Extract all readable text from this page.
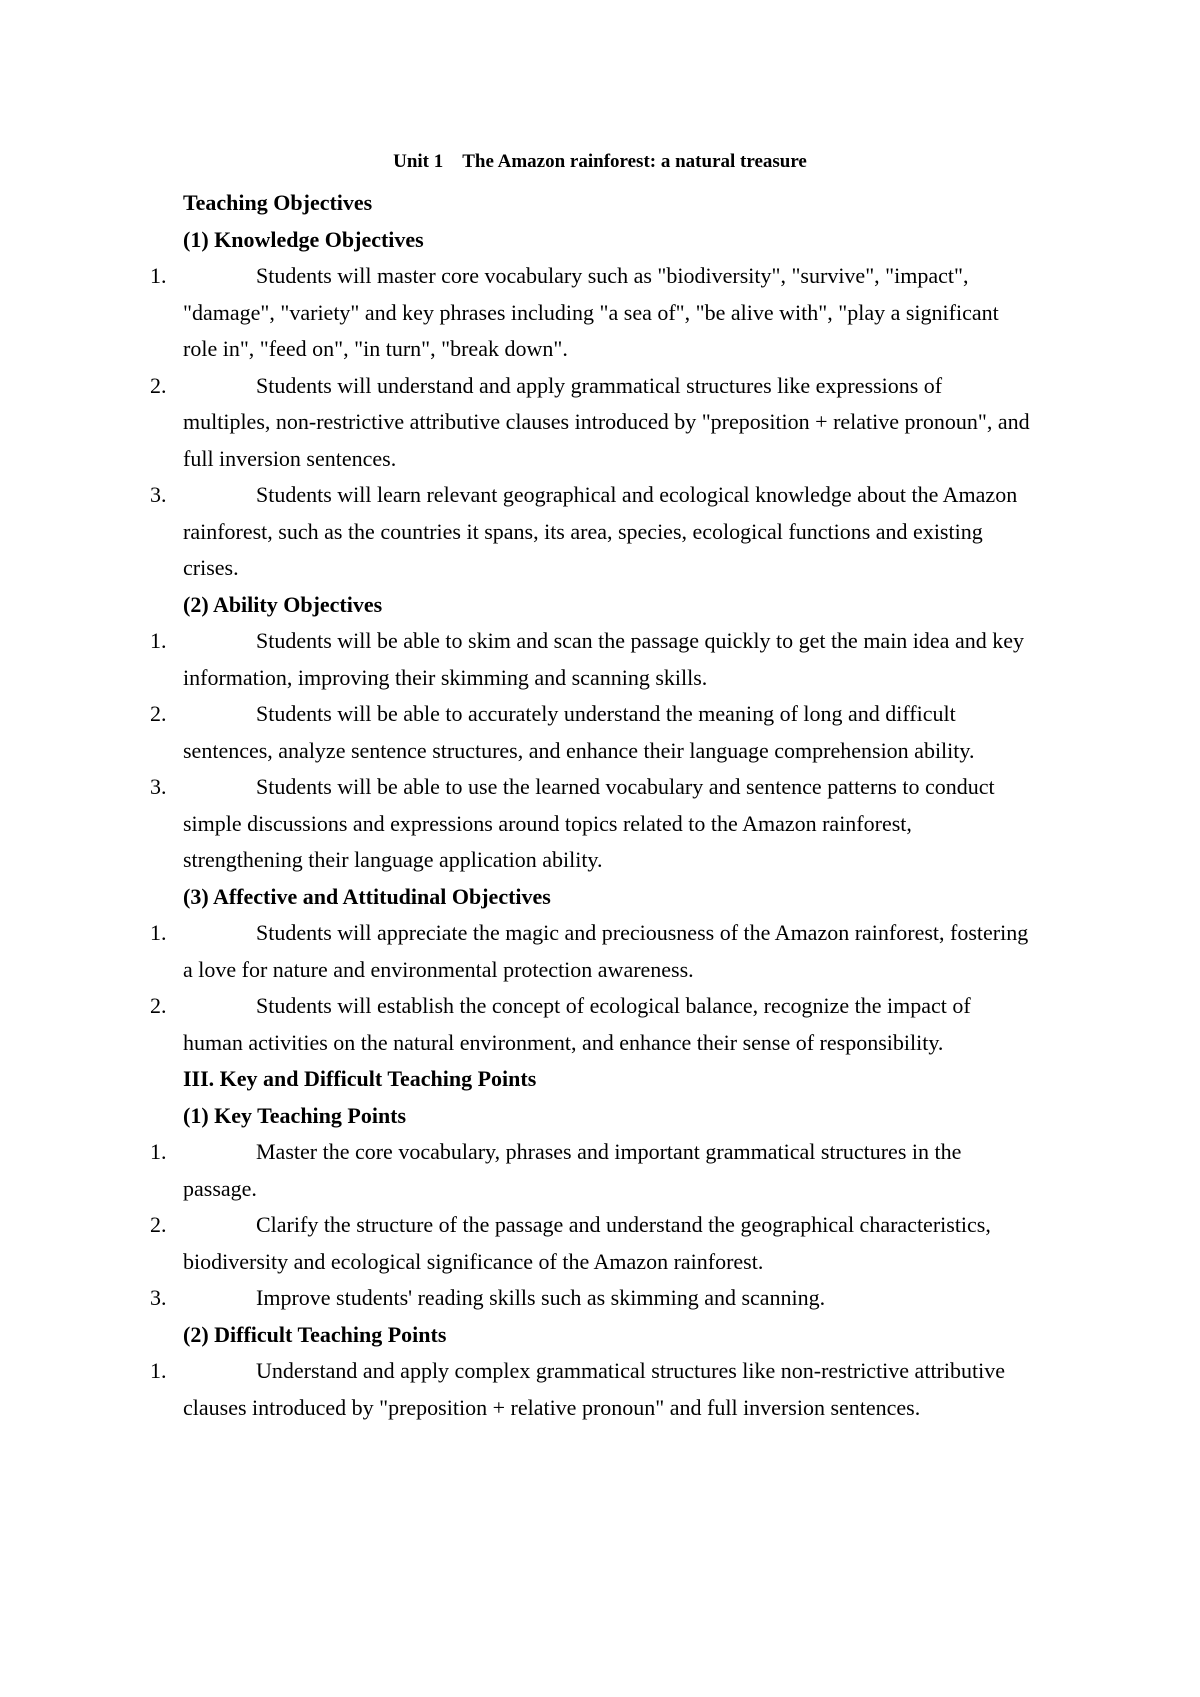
Unit 1 The Amazon rainforest: a natural treasure
Teaching Objectives
(1) Knowledge Objectives
1.	Students will master core vocabulary such as "biodiversity", "survive", "impact", "damage", "variety" and key phrases including "a sea of", "be alive with", "play a significant role in", "feed on", "in turn", "break down".
2.	Students will understand and apply grammatical structures like expressions of multiples, non-restrictive attributive clauses introduced by "preposition + relative pronoun", and full inversion sentences.
3.	Students will learn relevant geographical and ecological knowledge about the Amazon rainforest, such as the countries it spans, its area, species, ecological functions and existing crises.
(2) Ability Objectives
1.	Students will be able to skim and scan the passage quickly to get the main idea and key information, improving their skimming and scanning skills.
2.	Students will be able to accurately understand the meaning of long and difficult sentences, analyze sentence structures, and enhance their language comprehension ability.
3.	Students will be able to use the learned vocabulary and sentence patterns to conduct simple discussions and expressions around topics related to the Amazon rainforest, strengthening their language application ability.
(3) Affective and Attitudinal Objectives
1.	Students will appreciate the magic and preciousness of the Amazon rainforest, fostering a love for nature and environmental protection awareness.
2.	Students will establish the concept of ecological balance, recognize the impact of human activities on the natural environment, and enhance their sense of responsibility.
III. Key and Difficult Teaching Points
(1) Key Teaching Points
1.	Master the core vocabulary, phrases and important grammatical structures in the passage.
2.	Clarify the structure of the passage and understand the geographical characteristics, biodiversity and ecological significance of the Amazon rainforest.
3.	Improve students' reading skills such as skimming and scanning.
(2) Difficult Teaching Points
1.	Understand and apply complex grammatical structures like non-restrictive attributive clauses introduced by "preposition + relative pronoun" and full inversion sentences.
